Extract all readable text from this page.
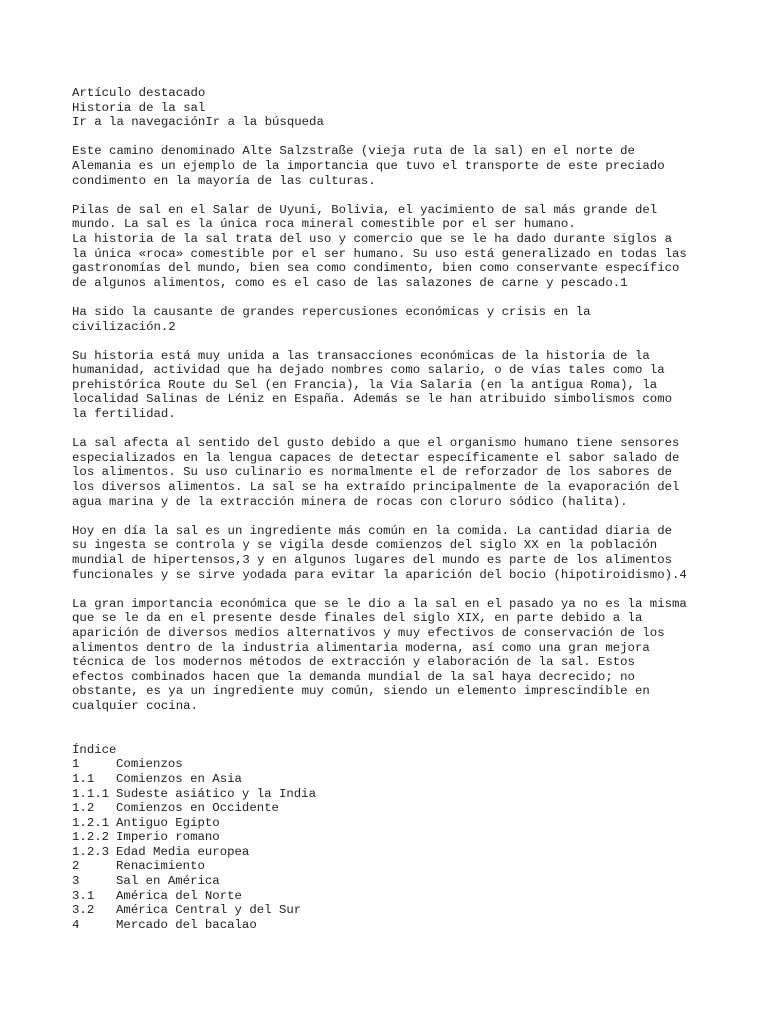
Artículo destacado
Historia de la sal
Ir a la navegaciónIr a la búsqueda
Este camino denominado Alte Salzstraße (vieja ruta de la sal) en el norte de
Alemania es un ejemplo de la importancia que tuvo el transporte de este preciado
condimento en la mayoría de las culturas.
Pilas de sal en el Salar de Uyuni, Bolivia, el yacimiento de sal más grande del
mundo. La sal es la única roca mineral comestible por el ser humano.
La historia de la sal trata del uso y comercio que se le ha dado durante siglos a
la única «roca» comestible por el ser humano. Su uso está generalizado en todas las
gastronomías del mundo, bien sea como condimento, bien como conservante específico
de algunos alimentos, como es el caso de las salazones de carne y pescado.1
Ha sido la causante de grandes repercusiones económicas y crisis en la
civilización.2
Su historia está muy unida a las transacciones económicas de la historia de la
humanidad, actividad que ha dejado nombres como salario, o de vías tales como la
prehistórica Route du Sel (en Francia), la Via Salaria (en la antigua Roma), la
localidad Salinas de Léniz en España. Además se le han atribuido simbolismos como
la fertilidad.
La sal afecta al sentido del gusto debido a que el organismo humano tiene sensores
especializados en la lengua capaces de detectar específicamente el sabor salado de
los alimentos. Su uso culinario es normalmente el de reforzador de los sabores de
los diversos alimentos. La sal se ha extraído principalmente de la evaporación del
agua marina y de la extracción minera de rocas con cloruro sódico (halita).
Hoy en día la sal es un ingrediente más común en la comida. La cantidad diaria de
su ingesta se controla y se vigila desde comienzos del siglo XX en la población
mundial de hipertensos,3 y en algunos lugares del mundo es parte de los alimentos
funcionales y se sirve yodada para evitar la aparición del bocio (hipotiroidismo).4
La gran importancia económica que se le dio a la sal en el pasado ya no es la misma
que se le da en el presente desde finales del siglo XIX, en parte debido a la
aparición de diversos medios alternativos y muy efectivos de conservación de los
alimentos dentro de la industria alimentaria moderna, así como una gran mejora
técnica de los modernos métodos de extracción y elaboración de la sal. Estos
efectos combinados hacen que la demanda mundial de la sal haya decrecido; no
obstante, es ya un ingrediente muy común, siendo un elemento imprescindible en
cualquier cocina.
Índice
1	Comienzos
1.1 Comienzos en Asia
1.1.1 Sudeste asiático y la India
1.2 Comienzos en Occidente
1.2.1 Antiguo Egipto
1.2.2 Imperio romano
1.2.3 Edad Media europea
2	Renacimiento
3	Sal en América
3.1 América del Norte
3.2 América Central y del Sur
4	Mercado del bacalao
